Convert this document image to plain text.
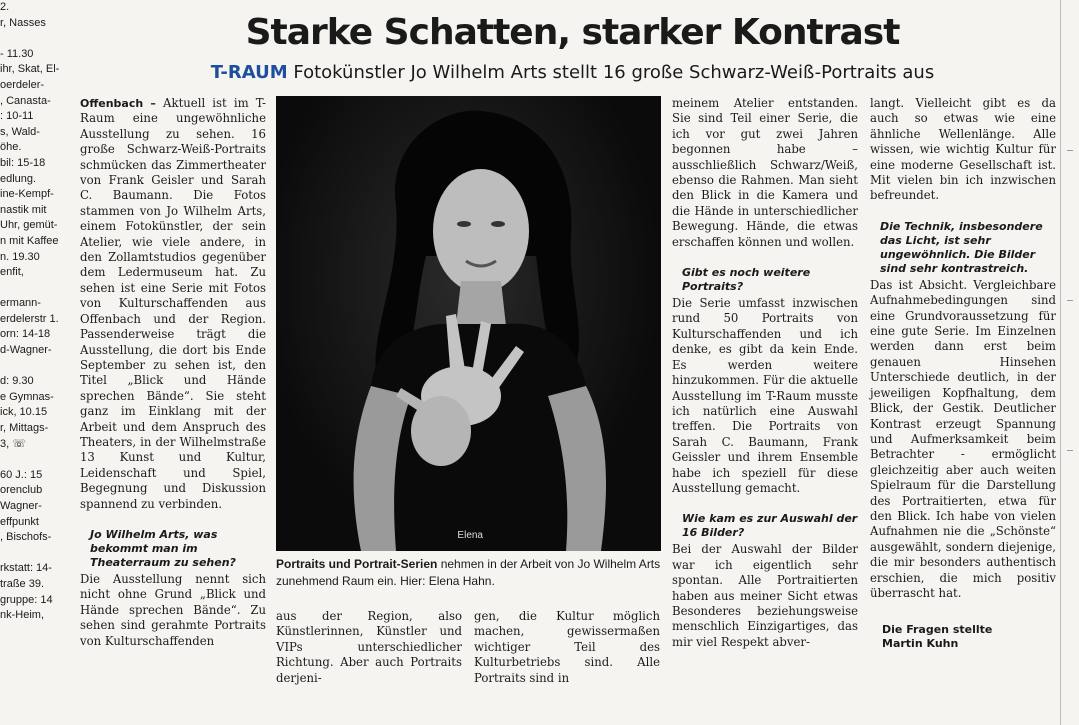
2.
r, Nasses

- 11.30
ihr, Skat, El-
oerdeler-
, Canasta-
: 10-11
s, Wald-
öhe.
bil: 15-18
edlung.
ine-Kempf-
nastik mit
Uhr, gemüt-
n mit Kaffee
n. 19.30
enfit,

ermann-
erdelerstr 1.
orn: 14-18
d-Wagner-

d: 9.30
e Gymnas-
ick, 10.15
r, Mittags-
3, ☏

60 J.: 15
orenclub
Wagner-
effpunkt
, Bischofs-

rkstatt: 14-
traße 39.
gruppe: 14
nk-Heim,
Starke Schatten, starker Kontrast
T-RAUM Fotokünstler Jo Wilhelm Arts stellt 16 große Schwarz-Weiß-Portraits aus

Offenbach – Aktuell ist im T-Raum eine ungewöhnliche Ausstellung zu sehen. 16 große Schwarz-Weiß-Portraits schmücken das Zimmertheater von Frank Geisler und Sarah C. Baumann. Die Fotos stammen von Jo Wilhelm Arts, einem Fotokünstler, der sein Atelier, wie viele andere, in den Zollamtstudios gegenüber dem Ledermuseum hat. Zu sehen ist eine Serie mit Fotos von Kulturschaffenden aus Offenbach und der Region. Passenderweise trägt die Ausstellung, die dort bis Ende September zu sehen ist, den Titel „Blick und Hände sprechen Bände“. Sie steht ganz im Einklang mit der Arbeit und dem Anspruch des Theaters, in der Wilhelmstraße 13 Kunst und Kultur, Leidenschaft und Spiel, Begegnung und Diskussion spannend zu verbinden.

Jo Wilhelm Arts, was bekommt man im Theaterraum zu sehen?

Die Ausstellung nennt sich nicht ohne Grund „Blick und Hände sprechen Bände“. Zu sehen sind gerahmte Portraits von Kulturschaffenden

Elena
Portraits und Portrait-Serien nehmen in der Arbeit von Jo Wilhelm Arts zunehmend Raum ein. Hier: Elena Hahn.

aus der Region, also Künstlerinnen, Künstler und VIPs unterschiedlicher Richtung. Aber auch Portraits derjeni-

gen, die Kultur möglich machen, gewissermaßen wichtiger Teil des Kulturbetriebs sind. Alle Portraits sind in

meinem Atelier entstanden. Sie sind Teil einer Serie, die ich vor gut zwei Jahren begonnen habe – ausschließlich Schwarz/Weiß, ebenso die Rahmen. Man sieht den Blick in die Kamera und die Hände in unterschiedlicher Bewegung. Hände, die etwas erschaffen können und wollen.

Gibt es noch weitere Portraits?

Die Serie umfasst inzwischen rund 50 Portraits von Kulturschaffenden und ich denke, es gibt da kein Ende. Es werden weitere hinzukommen. Für die aktuelle Ausstellung im T-Raum musste ich natürlich eine Auswahl treffen. Die Portraits von Sarah C. Baumann, Frank Geissler und ihrem Ensemble habe ich speziell für diese Ausstellung gemacht.

Wie kam es zur Auswahl der 16 Bilder?

Bei der Auswahl der Bilder war ich eigentlich sehr spontan. Alle Portraitierten haben aus meiner Sicht etwas Besonderes beziehungsweise menschlich Einzigartiges, das mir viel Respekt abver-

langt. Vielleicht gibt es da auch so etwas wie eine ähnliche Wellenlänge. Alle wissen, wie wichtig Kultur für eine moderne Gesellschaft ist. Mit vielen bin ich inzwischen befreundet.

Die Technik, insbesondere das Licht, ist sehr ungewöhnlich. Die Bilder sind sehr kontrastreich.

Das ist Absicht. Vergleichbare Aufnahmebedingungen sind eine Grundvoraussetzung für eine gute Serie. Im Einzelnen werden dann erst beim genauen Hinsehen Unterschiede deutlich, in der jeweiligen Kopfhaltung, dem Blick, der Gestik. Deutlicher Kontrast erzeugt Spannung und Aufmerksamkeit beim Betrachter - ermöglicht gleichzeitig aber auch weiten Spielraum für die Darstellung des Portraitierten, etwa für den Blick. Ich habe von vielen Aufnahmen nie die „Schönste“ ausgewählt, sondern diejenige, die mir besonders authentisch erschien, die mich positiv überrascht hat.

Die Fragen stellte
Martin Kuhn
